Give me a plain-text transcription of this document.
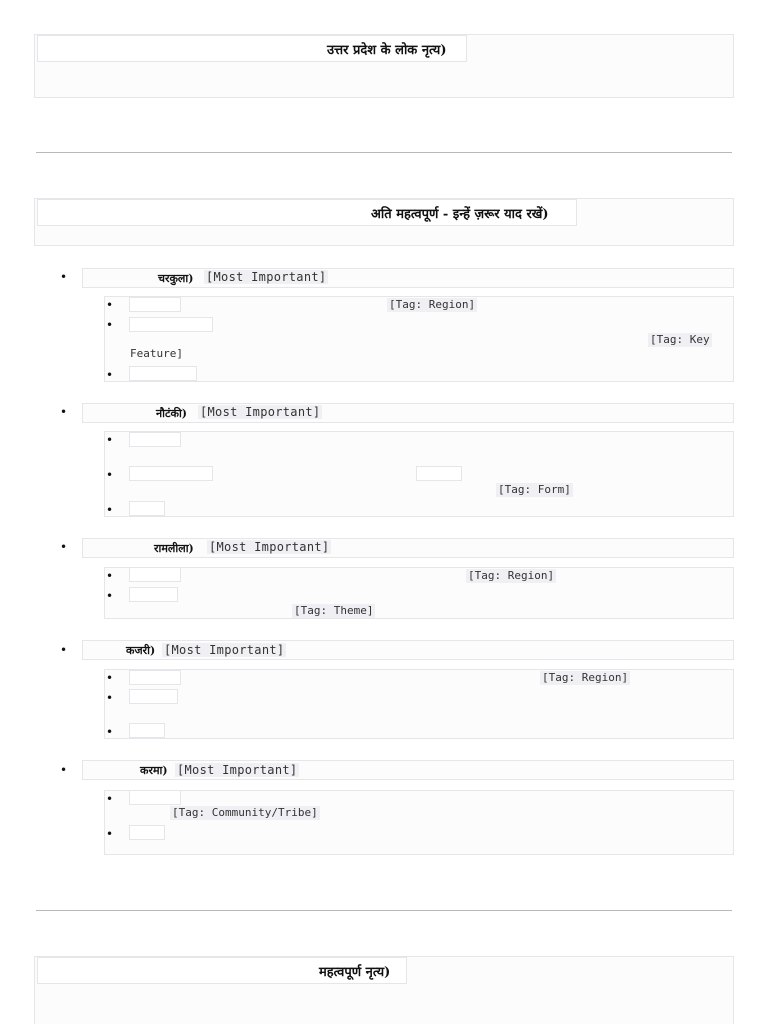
उत्तर प्रदेश के लोक नृत्य)
अति महत्वपूर्ण - इन्हें ज़रूर याद रखें)
•	चरकुला) [Most Important]
•	[Tag: Region]
•
[Tag: Key
Feature]
•
•	नौटंकी) [Most Important]
•
•
[Tag: Form]
•
•	रामलीला) [Most Important]
•	[Tag: Region]
•
[Tag: Theme]
•	कजरी) [Most Important]
•	[Tag: Region]
•
•
•	करमा) [Most Important]
•
[Tag: Community/Tribe]
•
महत्वपूर्ण नृत्य)
